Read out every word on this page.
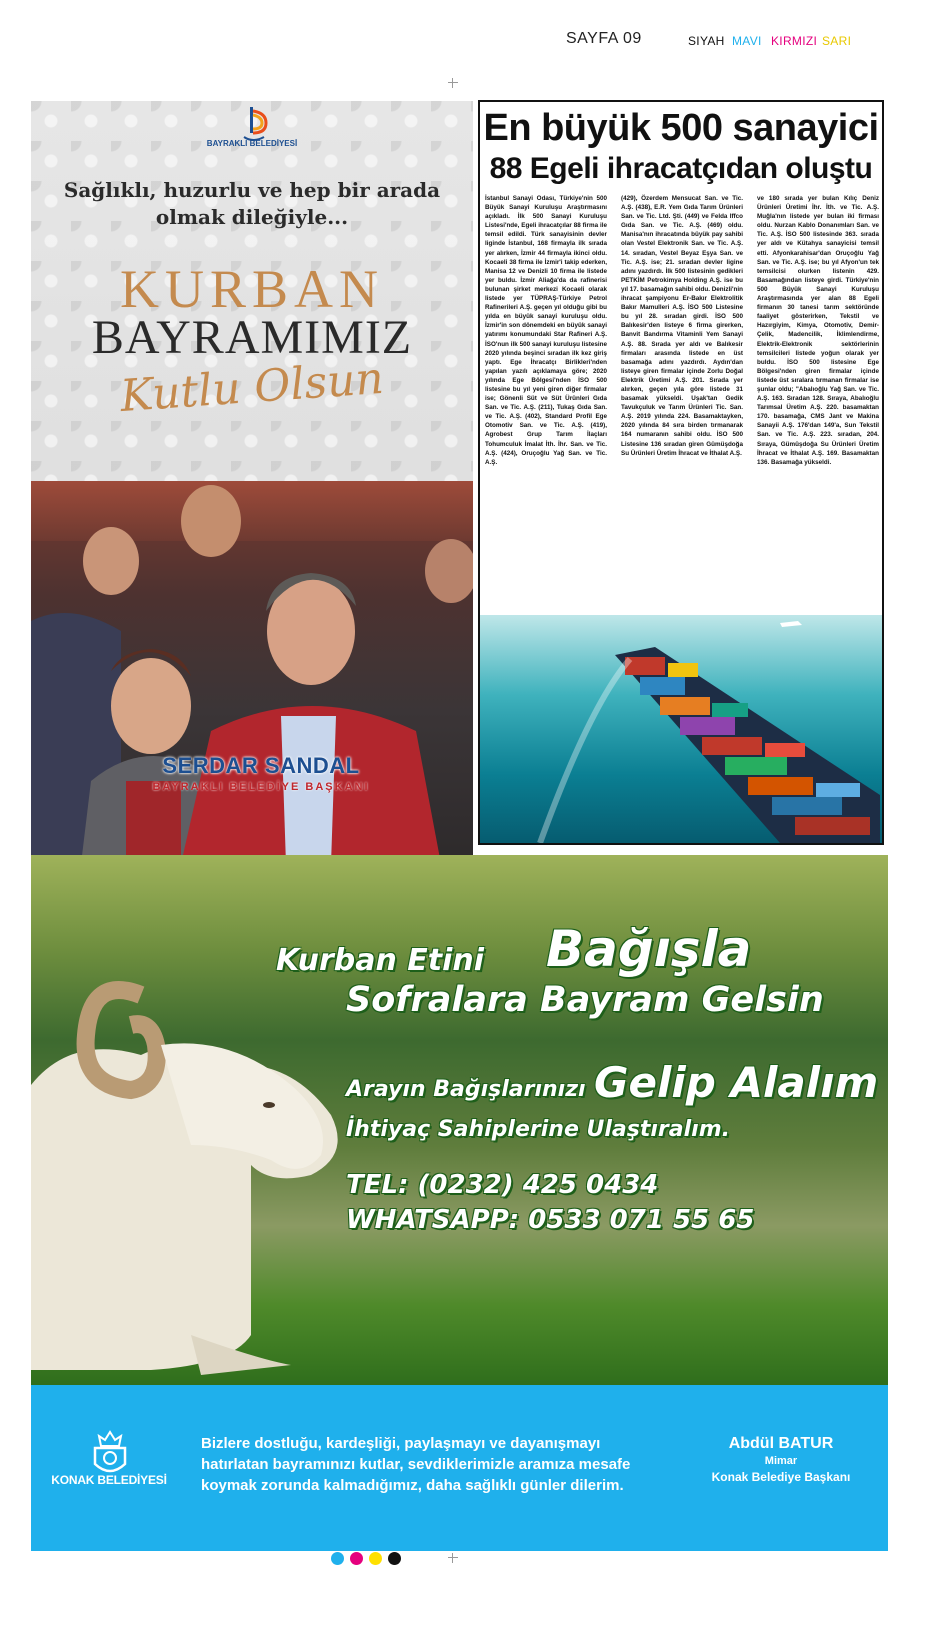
SAYFA 09	SIYAH MAVI KIRMIZI SARI
BAYRAKLI BELEDİYESİ
Sağlıklı, huzurlu ve hep bir arada
olmak dileğiyle...
KURBAN
BAYRAMIMIZ
Kutlu Olsun
SERDAR SANDAL
BAYRAKLI BELEDİYE BAŞKANI
En büyük 500 sanayici
88 Egeli ihracatçıdan oluştu
İstanbul Sanayi Odası, Türkiye'nin 500 Büyük Sanayi Kuruluşu Araştırmasını açıkladı. İlk 500 Sanayi Kuruluşu Listesi'nde, Egeli ihracatçılar 88 firma ile temsil edildi. Türk sanayisinin devler liginde İstanbul, 168 firmayla ilk sırada yer alırken, İzmir 44 firmayla ikinci oldu. Kocaeli 38 firma ile İzmir'i takip ederken, Manisa 12 ve Denizli 10 firma ile listede yer buldu. İzmir Aliağa'da da rafinerisi bulunan şirket merkezi Kocaeli olarak listede yer TÜPRAŞ-Türkiye Petrol Rafinerileri A.Ş. geçen yıl olduğu gibi bu yılda en büyük sanayi kuruluşu oldu. İzmir'in son dönemdeki en büyük sanayi yatırımı konumundaki Star Rafineri A.Ş. İSO'nun ilk 500 sanayi kuruluşu listesine 2020 yılında beşinci sıradan ilk kez giriş yaptı. Ege İhracatçı Birlikleri'nden yapılan yazılı açıklamaya göre; 2020 yılında Ege Bölgesi'nden İSO 500 listesine bu yıl yeni giren diğer firmalar ise; Gönenli Süt ve Süt Ürünleri Gıda San. ve Tic. A.Ş. (211), Tukaş Gıda San. ve Tic. A.Ş. (402), Standard Profil Ege Otomotiv San. ve Tic. A.Ş. (419), Agrobest Grup Tarım İlaçları Tohumculuk İmalat İth. İhr. San. ve Tic. A.Ş. (424), Oruçoğlu Yağ San. ve Tic. A.Ş.
(429), Özerdem Mensucat San. ve Tic. A.Ş. (438), E.R. Yem Gıda Tarım Ürünleri San. ve Tic. Ltd. Şti. (449) ve Felda Iffco Gıda San. ve Tic. A.Ş. (469) oldu. Manisa'nın ihracatında büyük pay sahibi olan Vestel Elektronik San. ve Tic. A.Ş. 14. sıradan, Vestel Beyaz Eşya San. ve Tic. A.Ş. ise; 21. sıradan devler ligine adını yazdırdı. İlk 500 listesinin gedikleri PETKİM Petrokimya Holding A.Ş. ise bu yıl 17. basamağın sahibi oldu. Denizli'nin ihracat şampiyonu Er-Bakır Elektrolitik Bakır Mamulleri A.Ş. İSO 500 Listesine bu yıl 28. sıradan girdi. İSO 500 Balıkesir'den listeye 6 firma girerken, Banvit Bandırma Vitaminli Yem Sanayi A.Ş. 88. Sırada yer aldı ve Balıkesir firmaları arasında listede en üst basamağa adını yazdırdı. Aydın'dan listeye giren firmalar içinde Zorlu Doğal Elektrik Üretimi A.Ş. 201. Sırada yer alırken, geçen yıla göre listede 31 basamak yükseldi. Uşak'tan Gedik Tavukçuluk ve Tarım Ürünleri Tic. San. A.Ş. 2019 yılında 224. Basamaktayken, 2020 yılında 84 sıra birden tırmanarak 164 numaranın sahibi oldu. İSO 500 Listesine 136 sıradan giren Gümüşdoğa Su Ürünleri Üretim İhracat ve İthalat A.Ş.
ve 180 sırada yer bulan Kılıç Deniz Ürünleri Üretimi İhr. İth. ve Tic. A.Ş. Muğla'nın listede yer bulan iki firması oldu. Nurzan Kablo Donanımları San. ve Tic. A.Ş. İSO 500 listesinde 363. sırada yer aldı ve Kütahya sanayicisi temsil etti. Afyonkarahisar'dan Oruçoğlu Yağ San. ve Tic. A.Ş. ise; bu yıl Afyon'un tek temsilcisi olurken listenin 429. Basamağından listeye girdi. Türkiye'nin 500 Büyük Sanayi Kuruluşu Araştırmasında yer alan 88 Egeli firmanın 30 tanesi tarım sektöründe faaliyet gösterirken, Tekstil ve Hazırgiyim, Kimya, Otomotiv, Demir-Çelik, Madencilik, İklimlendirme, Elektrik-Elektronik sektörlerinin temsilcileri listede yoğun olarak yer buldu. İSO 500 listesine Ege Bölgesi'nden giren firmalar içinde listede üst sıralara tırmanan firmalar ise şunlar oldu; "Abalıoğlu Yağ San. ve Tic. A.Ş. 163. Sıradan 128. Sıraya, Abalıoğlu Tarımsal Üretim A.Ş. 220. basamaktan 170. basamağa, CMS Jant ve Makina Sanayii A.Ş. 176'dan 149'a, Sun Tekstil San. ve Tic. A.Ş. 223. sıradan, 204. Sıraya, Gümüşdoğa Su Ürünleri Üretim İhracat ve İthalat A.Ş. 169. Basamaktan 136. Basamağa yükseldi.
Kurban Etini Bağışla
Sofralara Bayram Gelsin
Arayın Bağışlarınızı Gelip Alalım
İhtiyaç Sahiplerine Ulaştıralım.
TEL: (0232) 425 0434
WHATSAPP: 0533 071 55 65
KONAK BELEDİYESİ
Bizlere dostluğu, kardeşliği, paylaşmayı ve dayanışmayı
hatırlatan bayramınızı kutlar, sevdiklerimizle aramıza mesafe
koymak zorunda kalmadığımız, daha sağlıklı günler dilerim.
Abdül BATUR
Mimar
Konak Belediye Başkanı
